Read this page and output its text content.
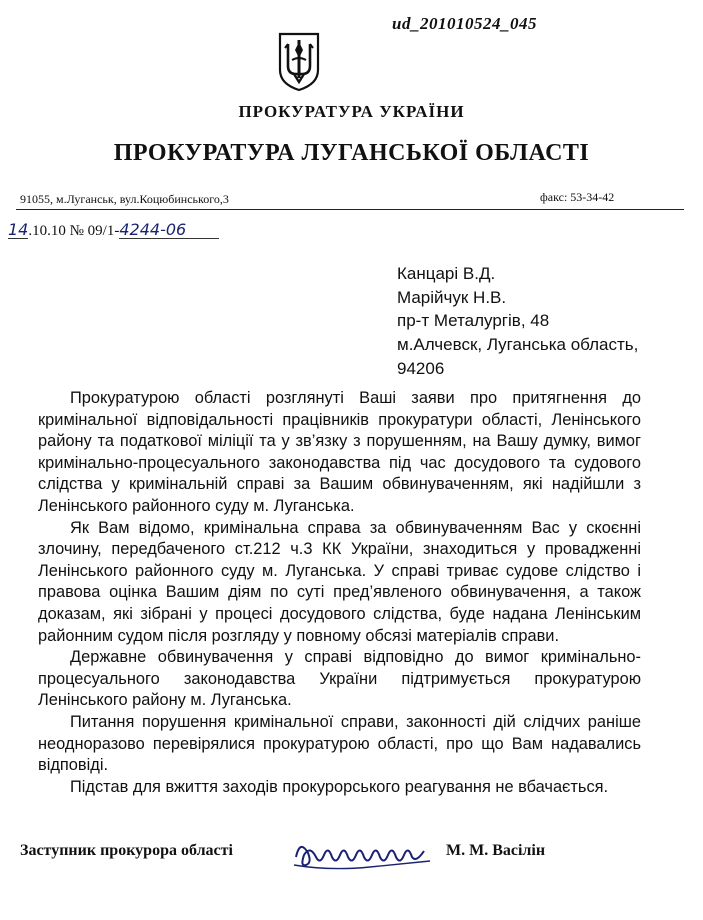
ud_201010524_045
ПРОКУРАТУРА УКРАЇНИ
ПРОКУРАТУРА ЛУГАНСЬКОЇ ОБЛАСТІ
91055, м.Луганськ, вул.Коцюбинського,3	факс: 53-34-42
14.10.10 № 09/1-4244-06
Канцарі В.Д.
Марійчук Н.В.
пр-т Металургів, 48
м.Алчевск, Луганська область,
94206

Прокуратурою області розглянуті Ваші заяви про притягнення до кримінальної відповідальності працівників прокуратури області, Ленінського району та податкової міліції та у зв’язку з порушенням, на Вашу думку, вимог кримінально-процесуального законодавства під час досудового та судового слідства у кримінальній справі за Вашим обвинуваченням, які надійшли з Ленінського районного суду м. Луганська.

Як Вам відомо, кримінальна справа за обвинуваченням Вас у скоєнні злочину, передбаченого ст.212 ч.3 КК України, знаходиться у провадженні Ленінського районного суду м. Луганська. У справі триває судове слідство і правова оцінка Вашим діям по суті пред’явленого обвинувачення, а також доказам, які зібрані у процесі досудового слідства, буде надана Ленінським районним судом після розгляду у повному обсязі матеріалів справи.

Державне обвинувачення у справі відповідно до вимог кримінально-процесуального законодавства України підтримується прокуратурою Ленінського району м. Луганська.

Питання порушення кримінальної справи, законності дій слідчих раніше неодноразово перевірялися прокуратурою області, про що Вам надавались відповіді.

Підстав для вжиття заходів прокурорського реагування не вбачається.

Заступник прокурора області	М. М. Васілін
